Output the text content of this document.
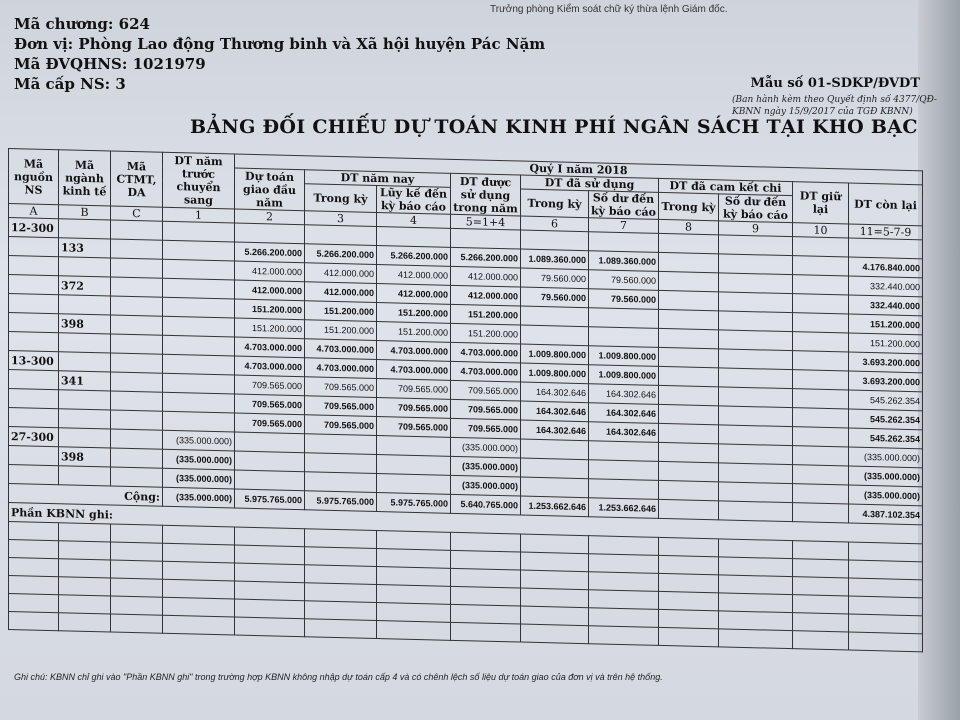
Trưởng phòng Kiểm soát chữ ký thừa lệnh Giám đốc.
Mã chương: 624
Đơn vị: Phòng Lao động Thương binh và Xã hội huyện Pác Nặm
Mã ĐVQHNS: 1021979
Mã cấp NS: 3	Mẫu số 01-SDKP/ĐVDT
(Ban hành kèm theo Quyết định số 4377/QĐ-KBNN ngày 15/9/2017 của TGĐ KBNN)
BẢNG ĐỐI CHIẾU DỰ TOÁN KINH PHÍ NGÂN SÁCH TẠI KHO BẠC
Mã nguồn NS	Mã ngành kinh tế	Mã CTMT, DA	DT năm trước chuyển sang	Quý I năm 2018									
				Dự toán giao đầu năm	DT năm nay		DT được sử dụng trong năm	DT đã sử dụng		DT đã cam kết chi		DT giữ lại	DT còn lại
					Trong kỳ	Lũy kế đến kỳ báo cáo		Trong kỳ	Số dư đến kỳ báo cáo	Trong kỳ	Số dư đến kỳ báo cáo		
A	B	C	1	2	3	4	5=1+4	6	7	8	9	10	11=5-7-9
12-300													
	133			5.266.200.000	5.266.200.000	5.266.200.000	5.266.200.000	1.089.360.000	1.089.360.000				4.176.840.000
				412.000.000	412.000.000	412.000.000	412.000.000	79.560.000	79.560.000				332.440.000
	372			412.000.000	412.000.000	412.000.000	412.000.000	79.560.000	79.560.000				332.440.000
				151.200.000	151.200.000	151.200.000	151.200.000						151.200.000
	398			151.200.000	151.200.000	151.200.000	151.200.000						151.200.000
				4.703.000.000	4.703.000.000	4.703.000.000	4.703.000.000	1.009.800.000	1.009.800.000				3.693.200.000
13-300				4.703.000.000	4.703.000.000	4.703.000.000	4.703.000.000	1.009.800.000	1.009.800.000				3.693.200.000
	341			709.565.000	709.565.000	709.565.000	709.565.000	164.302.646	164.302.646				545.262.354
				709.565.000	709.565.000	709.565.000	709.565.000	164.302.646	164.302.646				545.262.354
				709.565.000	709.565.000	709.565.000	709.565.000	164.302.646	164.302.646				545.262.354
27-300			(335.000.000)				(335.000.000)						(335.000.000)
	398		(335.000.000)				(335.000.000)						(335.000.000)
			(335.000.000)				(335.000.000)						(335.000.000)
Cộng:			(335.000.000)	5.975.765.000	5.975.765.000	5.975.765.000	5.640.765.000	1.253.662.646	1.253.662.646				4.387.102.354
Phần KBNN ghi:													

Ghi chú: KBNN chỉ ghi vào "Phần KBNN ghi" trong trường hợp KBNN không nhập dự toán cấp 4 và có chênh lệch số liệu dự toán giao của đơn vị và trên hệ thống.
